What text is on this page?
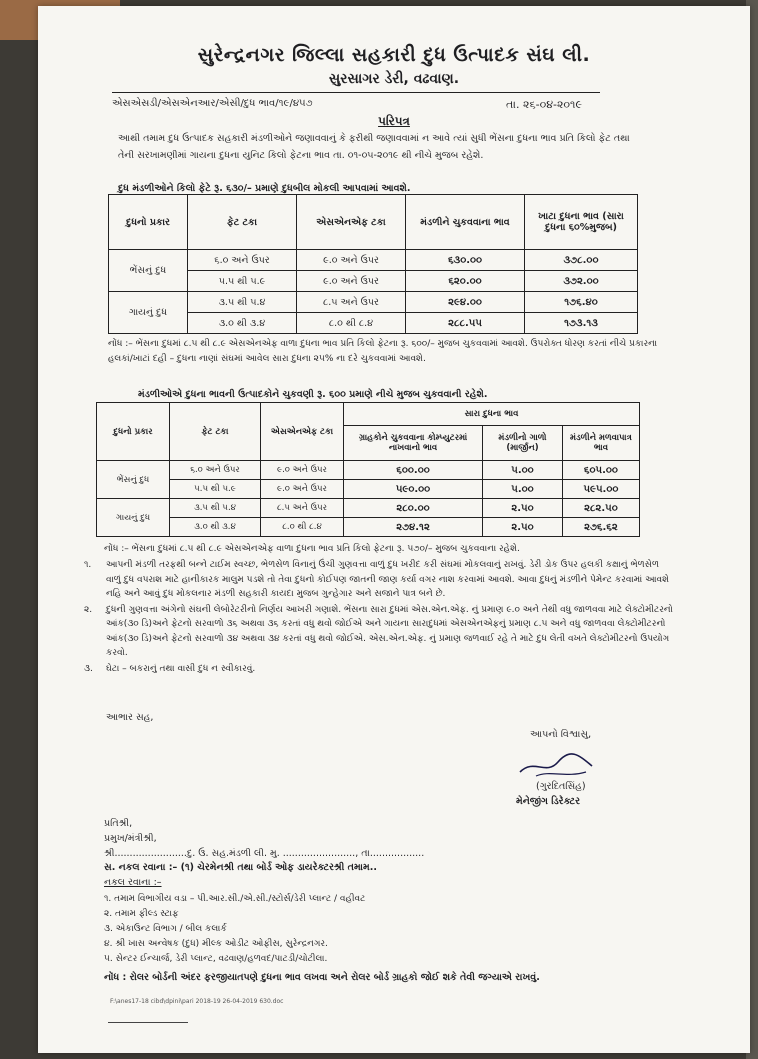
સુરેન્દ્રનગર જિલ્લા સહકારી દુધ ઉત્પાદક સંઘ લી.
સુરસાગર ડેરી, વઢવાણ.
એસએસડી/એસએનઆર/એસી/દુધ ભાવ/૧૯/૪૫૭	તા. ૨૬-૦૪-૨૦૧૯
પરિપત્ર
આથી તમામ દુધ ઉત્પાદક સહકારી મંડળીઓને જણાવવાનું કે ફરીથી જણાવવામાં ન આવે ત્યાં સુધી ભેંસના દુધના ભાવ પ્રતિ કિલો ફેટ તથા તેની સરખામણીમાં ગાયના દુધના યુનિટ કિલો ફેટના ભાવ તા. ૦૧-૦૫-૨૦૧૯ થી નીચે મુજબ રહેશે.
દુધ મંડળીઓને કિલો ફેટે રૂ. ૬૩૦/– પ્રમાણે દુધબીલ મોકલી આપવામાં આવશે.
દુધનો પ્રકાર	ફેટ ટકા	એસએનએફ ટકા	મંડળીને ચુકવવાના ભાવ	ખાટા દુધના ભાવ (સારા દુધના ૬૦%મુજબ)
ભેંસનું દુધ	૬.૦ અને ઉપર	૯.૦ અને ઉપર	૬૩૦.૦૦	૩૭૮.૦૦
	૫.૫ થી ૫.૯	૯.૦ અને ઉપર	૬૨૦.૦૦	૩૭૨.૦૦
ગાયનું દુધ	૩.૫ થી ૫.૪	૮.૫ અને ઉપર	૨૯૪.૦૦	૧૭૬.૪૦
	૩.૦ થી ૩.૪	૮.૦ થી ૮.૪	૨૮૮.૫૫	૧૭૩.૧૩
નોંધ :– ભેંસના દુધમાં ૮.૫ થી ૮.૯ એસએનએફ વાળા દુધના ભાવ પ્રતિ કિલો ફેટના રૂ. ૬૦૦/– મુજબ ચુકવવામાં આવશે. ઉપરોક્ત ધોરણ કરતાં નીચે પ્રકારના હલકાં/ખાટાં દહી – દુધના નાણાં સંઘમાં આવેલ સારા દુધના ૨૫% ના દરે ચુકવવામાં આવશે.
મંડળીઓએ દુધના ભાવની ઉત્પાદકોને ચુકવણી રૂ. ૬૦૦ પ્રમાણે નીચે મુજબ ચુકવવાની રહેશે.
દુધનો પ્રકાર	ફેટ ટકા	એસએનએફ ટકા	સારા દુધના ભાવ		
			ગ્રાહકોને ચુકવવાના કોમ્પ્યુટરમાં નાખવાનો ભાવ	મંડળીનો ગાળો (માર્જીન)	મંડળીને મળવાપાત્ર ભાવ
ભેંસનું દુધ	૬.૦ અને ઉપર	૯.૦ અને ઉપર	૬૦૦.૦૦	૫.૦૦	૬૦૫.૦૦
	૫.૫ થી ૫.૯	૯.૦ અને ઉપર	૫૯૦.૦૦	૫.૦૦	૫૯૫.૦૦
ગાયનું દુધ	૩.૫ થી ૫.૪	૮.૫ અને ઉપર	૨૮૦.૦૦	૨.૫૦	૨૮૨.૫૦
	૩.૦ થી ૩.૪	૮.૦ થી ૮.૪	૨૭૪.૧૨	૨.૫૦	૨૭૬.૬૨
નોંધ :– ભેંસના દુધમાં ૮.૫ થી ૮.૯ એસએનએફ વાળા દુધના ભાવ પ્રતિ કિલો ફેટના રૂ. ૫૭૦/– મુજબ ચુકવવાના રહેશે.
૧.	આપની મંડળી તરફથી બન્ને ટાઈમ સ્વચ્છ, ભેળસેળ વિનાનું ઉંચી ગુણવત્તા વાળું દુધ ખરીદ કરી સંઘમાં મોકલવાનું રાખવું. ડેરી ડોક ઉપર હલકી કક્ષાનું ભેળસેળ વાળું દુધ વપરાશ માટે હાનીકારક માલુમ પડશે તો તેવા દુધનો કોઈપણ જાતની જાણ કર્યા વગર નાશ કરવામાં આવશે. આવા દુધનું મંડળીને પેમેન્ટ કરવામાં આવશે નહિ અને આવું દુધ મોકલનાર મંડળી સહકારી કાયદા મુજબ ગુન્હેગાર અને સજાને પાત્ર બને છે.
૨.	દુધની ગુણવત્તા અંગેનો સંઘની લેબોરેટરીનો નિર્ણય આખરી ગણાશે. ભેંસના સારા દુધમાં એસ.એન.એફ. નું પ્રમાણ ૯.૦ અને તેથી વધુ જાળવવા માટે લેક્ટોમીટરનો આંક(૩૦ ડિ)અને ફેટનો સરવાળો ૩૬ અથવા ૩૬ કરતાં વધુ થવો જોઈએ અને ગાયના સારાદુધમાં એસએનએફનું પ્રમાણ ૮.૫ અને વધુ જાળવવા લેક્ટોમીટરનો આંક(૩૦ ડિ)અને ફેટનો સરવાળો ૩૪ અથવા ૩૪ કરતાં વધુ થવો જોઈએ. એસ.એન.એફ. નું પ્રમાણ જળવાઈ રહે તે માટે દુધ લેતી વખતે લેક્ટોમીટરનો ઉપયોગ કરવો.
૩.	ઘેટા – બકરાનું તથા વાસી દુધ ન સ્વીકારવું.
આભાર સહ,
આપનો વિશ્વાસુ,
(ગુરદિતસિંહ)
મેનેજીંગ ડિરેક્ટર
પ્રતિશ્રી,
પ્રમુખ/મંત્રીશ્રી,
શ્રી........................દુ. ઉ. સહ.મંડળી લી. મુ. ........................, તા..................
સ. નકલ રવાના :– (૧) ચેરમેનશ્રી તથા બોર્ડ ઓફ ડાયરેક્ટરશ્રી તમામ..
નકલ રવાના :–
૧. તમામ વિભાગીય વડા – પી.આર.સી./એ.સી./સ્ટોર્સ/ડેરી પ્લાન્ટ / વહીવટ
૨. તમામ ફીલ્ડ સ્ટાફ
૩. એકાઉન્ટ વિભાગ / બીલ કલાર્ક
૪. શ્રી ખાસ અન્વેષક (દુધ) મીલ્ક ઓડીટ ઓફીસ, સુરેન્દ્રનગર.
૫. સેન્ટર ઈન્ચાર્જ, ડેરી પ્લાન્ટ, વઢવાણ/હળવદ/પાટડી/ચોટીલા.
નોંધ : રોલર બોર્ડની અંદર ફરજીયાતપણે દુધના ભાવ લખવા અને રોલર બોર્ડ ગ્રાહકો જોઈ શકે તેવી જગ્યાએ રાખવું.
F:\anes17-18 cibd\dpini\pari 2018-19 26-04-2019 630.doc
